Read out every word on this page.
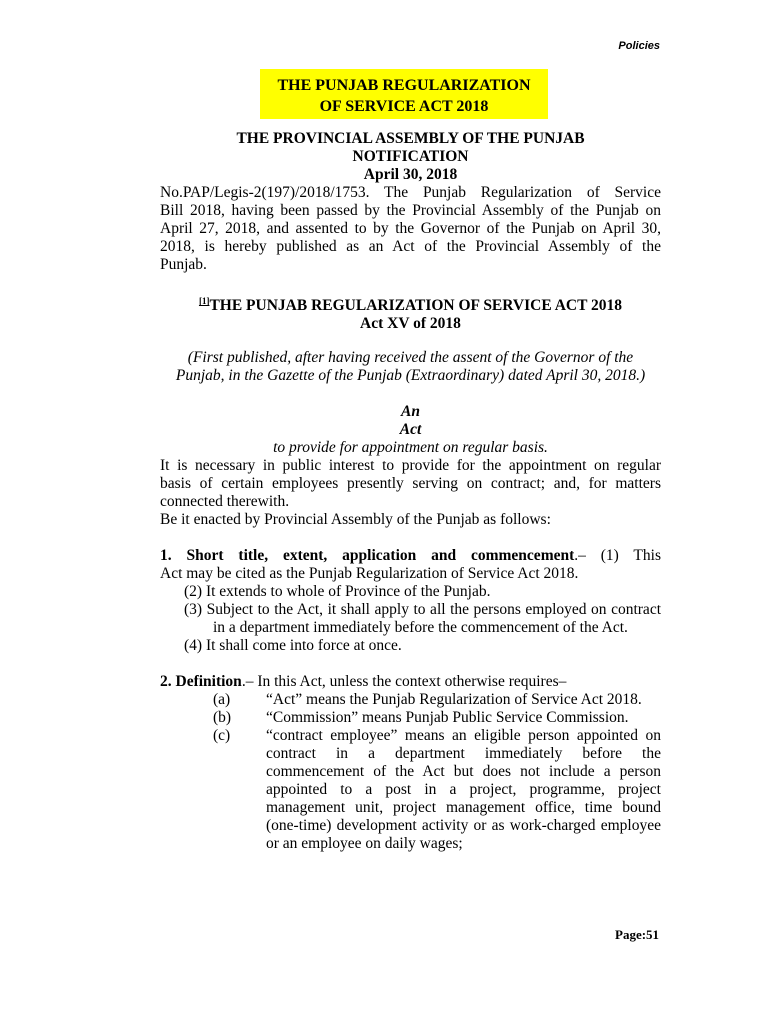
Policies
THE PUNJAB REGULARIZATION
OF SERVICE ACT 2018
THE PROVINCIAL ASSEMBLY OF THE PUNJAB
NOTIFICATION
April 30, 2018
No.PAP/Legis-2(197)/2018/1753. The Punjab Regularization of Service
Bill 2018, having been passed by the Provincial Assembly of the Punjab on
April 27, 2018, and assented to by the Governor of the Punjab on April 30,
2018, is hereby published as an Act of the Provincial Assembly of the
Punjab.
[1]THE PUNJAB REGULARIZATION OF SERVICE ACT 2018
Act XV of 2018
(First published, after having received the assent of the Governor of the
Punjab, in the Gazette of the Punjab (Extraordinary) dated April 30, 2018.)
An
Act
to provide for appointment on regular basis.
It is necessary in public interest to provide for the appointment on regular
basis of certain employees presently serving on contract; and, for matters
connected therewith.
Be it enacted by Provincial Assembly of the Punjab as follows:
1. Short title, extent, application and commencement.– (1) This
Act may be cited as the Punjab Regularization of Service Act 2018.
(2) It extends to whole of Province of the Punjab.
(3) Subject to the Act, it shall apply to all the persons employed on contract in a department immediately before the commencement of the Act.
(4) It shall come into force at once.
2. Definition.– In this Act, unless the context otherwise requires–
(a)	“Act” means the Punjab Regularization of Service Act 2018.
(b)	“Commission” means Punjab Public Service Commission.
(c)	“contract employee” means an eligible person appointed on contract in a department immediately before the commencement of the Act but does not include a person appointed to a post in a project, programme, project management unit, project management office, time bound (one-time) development activity or as work-charged employee or an employee on daily wages;
Page:51
